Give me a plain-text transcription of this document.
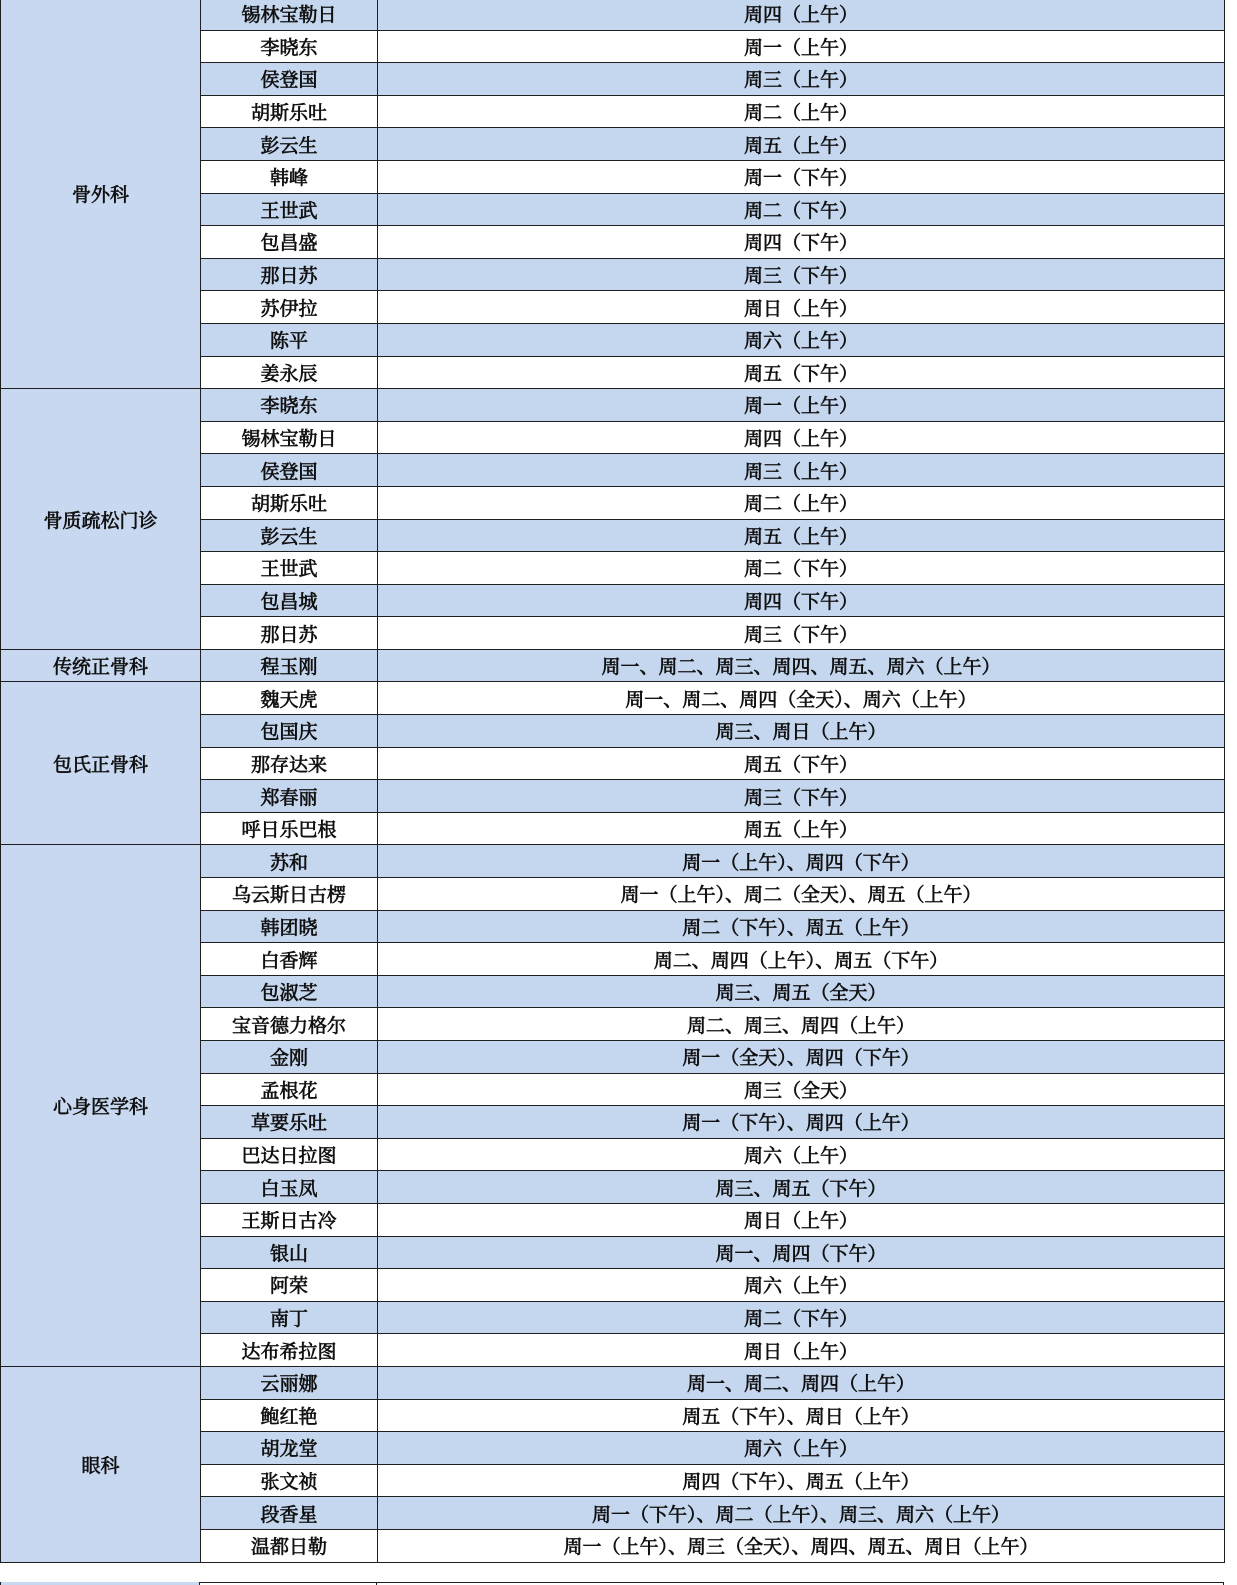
骨外科	锡林宝勒日	周四（上午）
	李晓东	周一（上午）
	侯登国	周三（上午）
	胡斯乐吐	周二（上午）
	彭云生	周五（上午）
	韩峰	周一（下午）
	王世武	周二（下午）
	包昌盛	周四（下午）
	那日苏	周三（下午）
	苏伊拉	周日（上午）
	陈平	周六（上午）
	姜永辰	周五（下午）
骨质疏松门诊	李晓东	周一（上午）
	锡林宝勒日	周四（上午）
	侯登国	周三（上午）
	胡斯乐吐	周二（上午）
	彭云生	周五（上午）
	王世武	周二（下午）
	包昌城	周四（下午）
	那日苏	周三（下午）
传统正骨科	程玉刚	周一、周二、周三、周四、周五、周六（上午）
包氏正骨科	魏天虎	周一、周二、周四（全天）、周六（上午）
	包国庆	周三、周日（上午）
	那存达来	周五（下午）
	郑春丽	周三（下午）
	呼日乐巴根	周五（上午）
心身医学科	苏和	周一（上午）、周四（下午）
	乌云斯日古楞	周一（上午）、周二（全天）、周五（上午）
	韩团晓	周二（下午）、周五（上午）
	白香辉	周二、周四（上午）、周五（下午）
	包淑芝	周三、周五（全天）
	宝音德力格尔	周二、周三、周四（上午）
	金刚	周一（全天）、周四（下午）
	孟根花	周三（全天）
	草要乐吐	周一（下午）、周四（上午）
	巴达日拉图	周六（上午）
	白玉凤	周三、周五（下午）
	王斯日古冷	周日（上午）
	银山	周一、周四（下午）
	阿荣	周六（上午）
	南丁	周二（下午）
	达布希拉图	周日（上午）
眼科	云丽娜	周一、周二、周四（上午）
	鲍红艳	周五（下午）、周日（上午）
	胡龙堂	周六（上午）
	张文祯	周四（下午）、周五（上午）
	段香星	周一（下午）、周二（上午）、周三、周六（上午）
	温都日勒	周一（上午）、周三（全天）、周四、周五、周日（上午）
